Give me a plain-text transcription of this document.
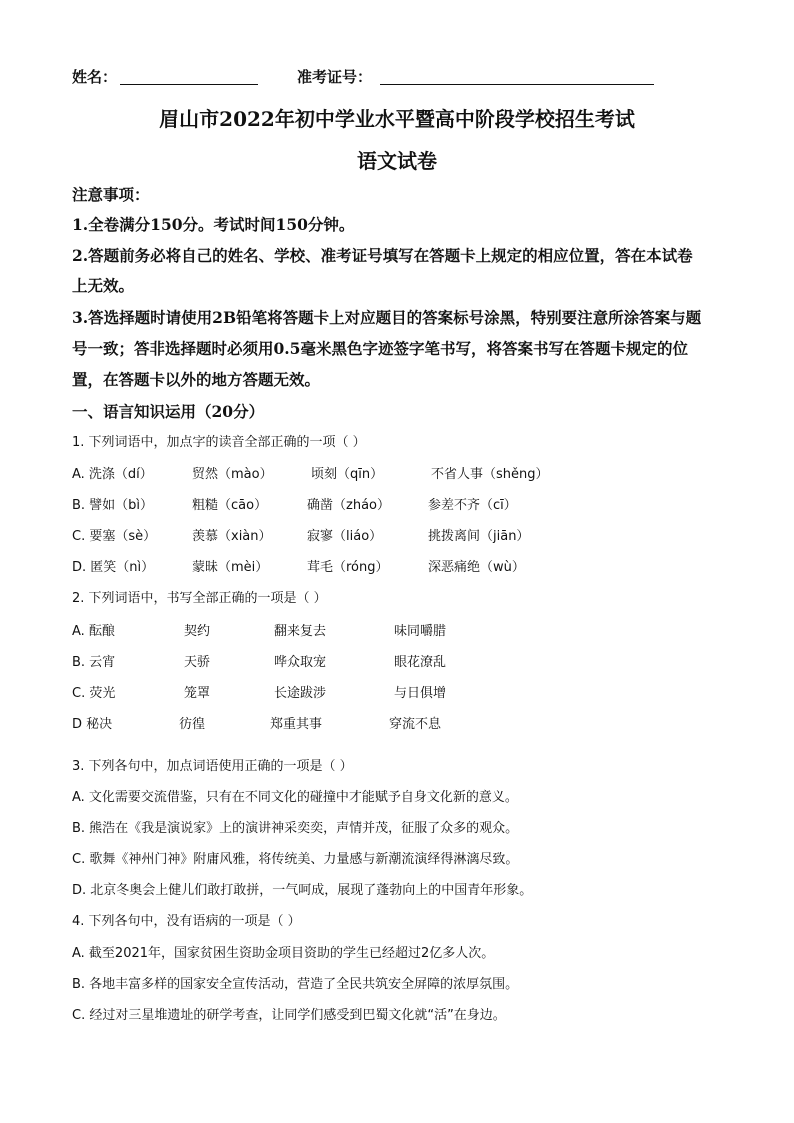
姓名：	准考证号：
眉山市2022年初中学业水平暨高中阶段学校招生考试
语文试卷
注意事项：
1.全卷满分150分。考试时间150分钟。
2.答题前务必将自己的姓名、学校、准考证号填写在答题卡上规定的相应位置，答在本试卷
上无效。
3.答选择题时请使用2B铅笔将答题卡上对应题目的答案标号涂黑，特别要注意所涂答案与题
号一致；答非选择题时必须用0.5毫米黑色字迹签字笔书写，将答案书写在答题卡规定的位
置，在答题卡以外的地方答题无效。
一、语言知识运用（20分）
1. 下列词语中，加点字的读音全部正确的一项（ ）
A. 洗涤（dí）	贸然（mào）	顷刻（qīn）	不省人事（shěng）
B. 譬如（bì）	粗糙（cāo）	确凿（zháo）	参差不齐（cī）
C. 要塞（sè）	羡慕（xiàn）	寂寥（liáo）	挑拨离间（jiān）
D. 匿笑（nì）	蒙昧（mèi）	茸毛（róng）	深恶痛绝（wù）
2. 下列词语中，书写全部正确的一项是（ ）
A. 酝酿	契约	翻来复去	味同嚼腊
B. 云宵	天骄	哗众取宠	眼花潦乱
C. 荧光	笼罩	长途跋涉	与日俱增
D 秘决	彷徨	郑重其事	穿流不息
3. 下列各句中，加点词语使用正确的一项是（ ）
A. 文化需要交流借鉴，只有在不同文化的碰撞中才能赋予自身文化新的意义。
B. 熊浩在《我是演说家》上的演讲神采奕奕，声情并茂，征服了众多的观众。
C. 歌舞《神州门神》附庸风雅，将传统美、力量感与新潮流演绎得淋漓尽致。
D. 北京冬奥会上健儿们敢打敢拼，一气呵成，展现了蓬勃向上的中国青年形象。
4. 下列各句中，没有语病的一项是（ ）
A. 截至2021年，国家贫困生资助金项目资助的学生已经超过2亿多人次。
B. 各地丰富多样的国家安全宣传活动，营造了全民共筑安全屏障的浓厚氛围。
C. 经过对三星堆遗址的研学考查，让同学们感受到巴蜀文化就“活”在身边。
